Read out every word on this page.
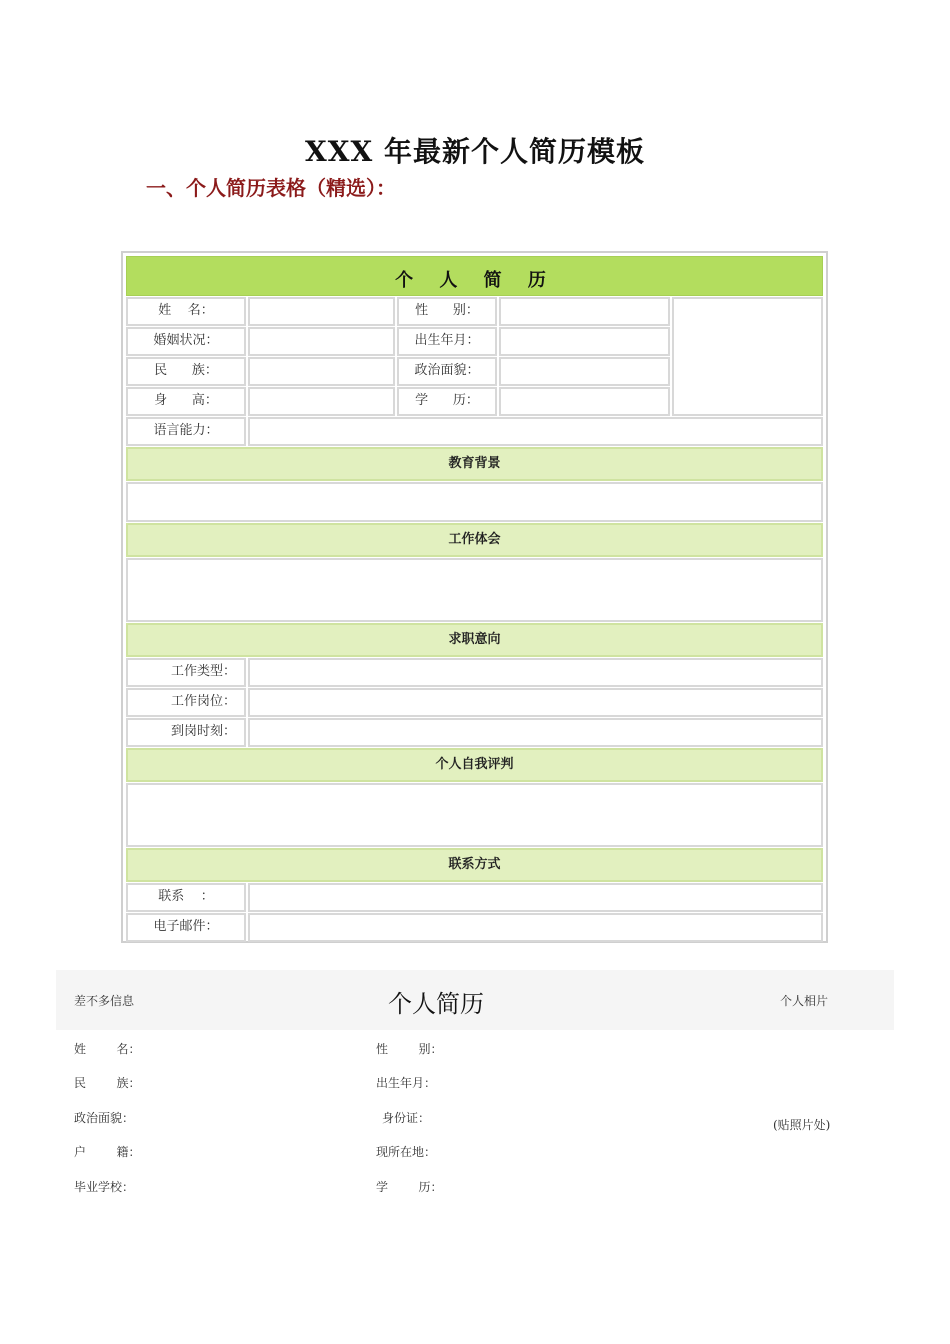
XXX 年最新个人简历模板
一、个人简历表格（精选）：
个 人 简 历
姓    名：	性      别：
婚姻状况：	出生年月：
民      族：	政治面貌：
身      高：	学      历：
语言能力：
教育背景
工作体会
求职意向
工作类型：
工作岗位：
到岗时刻：
个人自我评判
联系方式
联系    ：
电子邮件：
差不多信息	个人简历	个人相片
姓        名：	性        别：
民        族：	出生年月：
政治面貌：	身份证：	(贴照片处)
户        籍：	现所在地：
毕业学校：	学        历：
